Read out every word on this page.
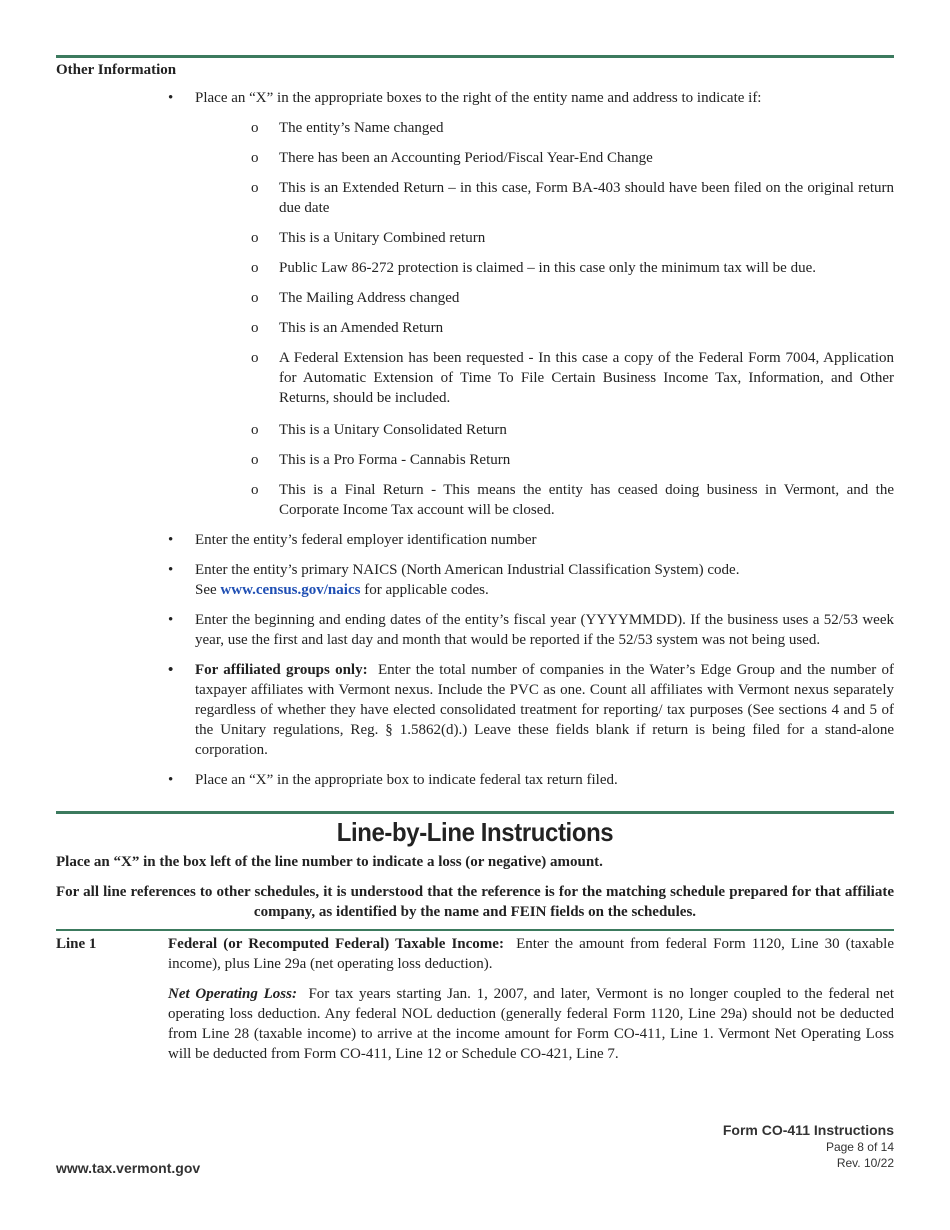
Other Information
• Place an “X” in the appropriate boxes to the right of the entity name and address to indicate if:
o The entity’s Name changed
o There has been an Accounting Period/Fiscal Year-End Change
o This is an Extended Return – in this case, Form BA-403 should have been filed on the original return due date
o This is a Unitary Combined return
o Public Law 86-272 protection is claimed – in this case only the minimum tax will be due.
o The Mailing Address changed
o This is an Amended Return
o A Federal Extension has been requested - In this case a copy of the Federal Form 7004, Application for Automatic Extension of Time To File Certain Business Income Tax, Information, and Other Returns, should be included.
o This is a Unitary Consolidated Return
o This is a Pro Forma - Cannabis Return
o This is a Final Return - This means the entity has ceased doing business in Vermont, and the Corporate Income Tax account will be closed.
• Enter the entity’s federal employer identification number
• Enter the entity’s primary NAICS (North American Industrial Classification System) code.
See www.census.gov/naics for applicable codes.
• Enter the beginning and ending dates of the entity’s fiscal year (YYYYMMDD). If the business uses a 52/53 week year, use the first and last day and month that would be reported if the 52/53 system was not being used.
• For affiliated groups only: Enter the total number of companies in the Water’s Edge Group and the number of taxpayer affiliates with Vermont nexus. Include the PVC as one. Count all affiliates with Vermont nexus separately regardless of whether they have elected consolidated treatment for reporting/ tax purposes (See sections 4 and 5 of the Unitary regulations, Reg. § 1.5862(d).) Leave these fields blank if return is being filed for a stand-alone corporation.
• Place an “X” in the appropriate box to indicate federal tax return filed.
Line-by-Line Instructions

Place an “X” in the box left of the line number to indicate a loss (or negative) amount.

For all line references to other schedules, it is understood that the reference is for the matching schedule prepared for that affiliate company, as identified by the name and FEIN fields on the schedules.

Line 1	Federal (or Recomputed Federal) Taxable Income: Enter the amount from federal Form 1120, Line 30 (taxable income), plus Line 29a (net operating loss deduction).

Net Operating Loss: For tax years starting Jan. 1, 2007, and later, Vermont is no longer coupled to the federal net operating loss deduction. Any federal NOL deduction (generally federal Form 1120, Line 29a) should not be deducted from Line 28 (taxable income) to arrive at the income amount for Form CO-411, Line 1. Vermont Net Operating Loss will be deducted from Form CO-411, Line 12 or Schedule CO-421, Line 7.

Form CO-411 Instructions
Page 8 of 14
Rev. 10/22
www.tax.vermont.gov
